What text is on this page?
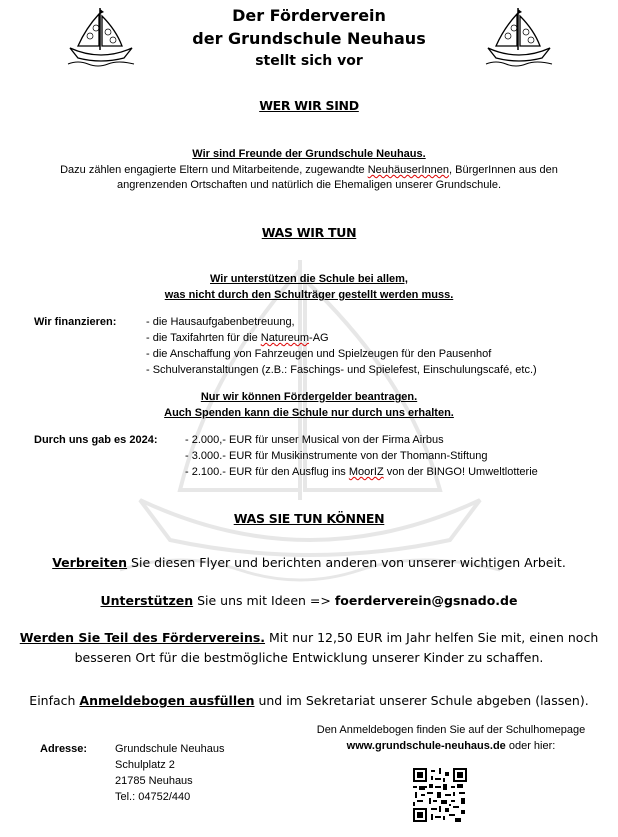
Der Förderverein
der Grundschule Neuhaus
stellt sich vor
WER WIR SIND
Wir sind Freunde der Grundschule Neuhaus.
Dazu zählen engagierte Eltern und Mitarbeitende, zugewandte NeuhäuserInnen, BürgerInnen aus den
angrenzenden Ortschaften und natürlich die Ehemaligen unserer Grundschule.
WAS WIR TUN
Wir unterstützen die Schule bei allem,
was nicht durch den Schulträger gestellt werden muss.
Wir finanzieren:	- die Hausaufgabenbetreuung,
- die Taxifahrten für die Natureum-AG
- die Anschaffung von Fahrzeugen und Spielzeugen für den Pausenhof
- Schulveranstaltungen (z.B.: Faschings- und Spielefest, Einschulungscafé, etc.)
Nur wir können Fördergelder beantragen.
Auch Spenden kann die Schule nur durch uns erhalten.
Durch uns gab es 2024:	- 2.000,- EUR für unser Musical von der Firma Airbus
- 3.000.- EUR für Musikinstrumente von der Thomann-Stiftung
- 2.100.- EUR für den Ausflug ins MoorIZ von der BINGO! Umweltlotterie
WAS SIE TUN KÖNNEN
Verbreiten Sie diesen Flyer und berichten anderen von unserer wichtigen Arbeit.
Unterstützen Sie uns mit Ideen => foerderverein@gsnado.de
Werden Sie Teil des Fördervereins. Mit nur 12,50 EUR im Jahr helfen Sie mit, einen noch
besseren Ort für die bestmögliche Entwicklung unserer Kinder zu schaffen.
Einfach Anmeldebogen ausfüllen und im Sekretariat unserer Schule abgeben (lassen).
Adresse:	Grundschule Neuhaus
Schulplatz 2
21785 Neuhaus
Tel.: 04752/440
Den Anmeldebogen finden Sie auf der Schulhomepage
www.grundschule-neuhaus.de oder hier:
